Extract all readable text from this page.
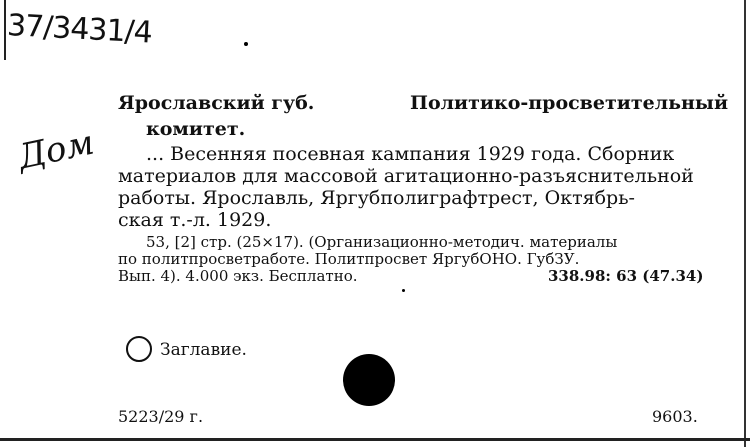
37/3431/4
Дом
Ярославский губ.	Политико-просветительный
комитет.
... Весенняя посевная кампания 1929 года. Сборник
материалов для массовой агитационно-разъяснительной
работы. Ярославль, Яргубполиграфтрест, Октябрь-
ская т.-л. 1929.
53, [2] стр. (25×17). (Организационно-методич. материалы
по политпросветработе. Политпросвет ЯргубОНО. ГубЗУ.
Вып. 4). 4.000 экз. Бесплатно.	338.98: 63 (47.34)
Заглавие.
5223/29 г.	9603.
